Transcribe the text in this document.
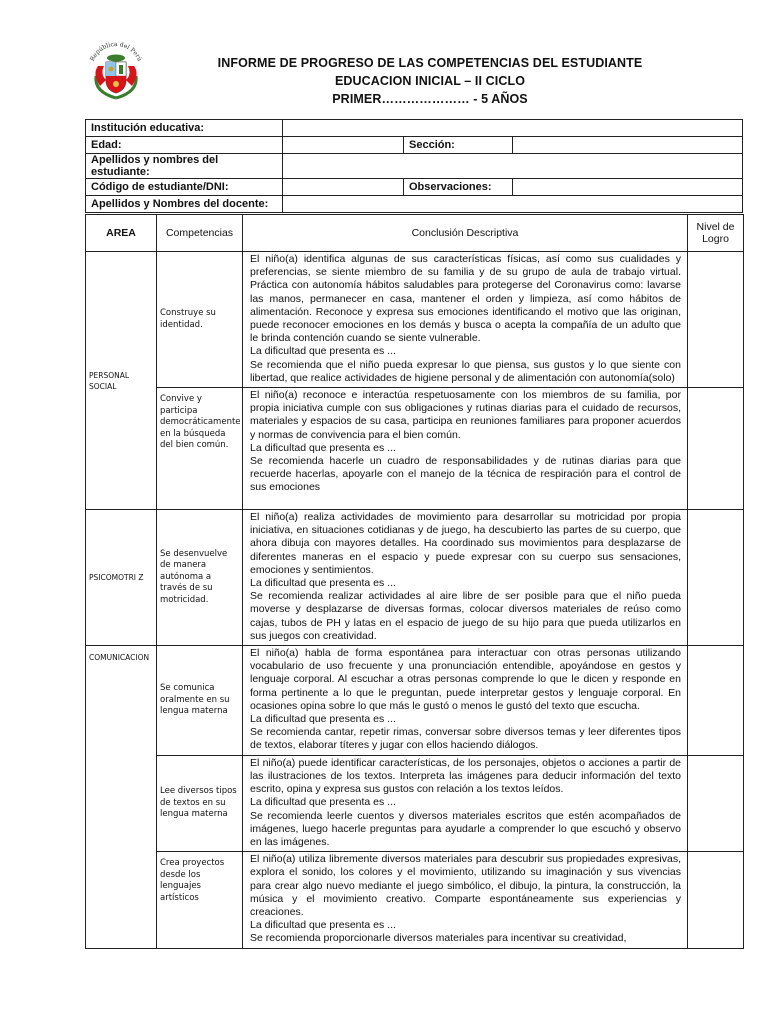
República del Perú	INFORME DE PROGRESO DE LAS COMPETENCIAS DEL ESTUDIANTE
EDUCACION INICIAL – II CICLO
PRIMER………………… - 5 AÑOS
Institución educativa:			
Edad:		Sección:	
Apellidos y nombres del estudiante:			
Código de estudiante/DNI:		Observaciones:	
Apellidos y Nombres del docente:			
AREA	Competencias	Conclusión Descriptiva	Nivel de Logro
PERSONAL SOCIAL	Construye su identidad.	El niño(a) identifica algunas de sus características físicas, así como sus cualidades y preferencias, se siente miembro de su familia y de su grupo de aula de trabajo virtual. Práctica con autonomía hábitos saludables para protegerse del Coronavirus como: lavarse las manos, permanecer en casa, mantener el orden y limpieza, así como hábitos de alimentación. Reconoce y expresa sus emociones identificando el motivo que las originan, puede reconocer emociones en los demás y busca o acepta la compañía de un adulto que le brinda contención cuando se siente vulnerable.

La dificultad que presenta es ...

Se recomienda que el niño pueda expresar lo que piensa, sus gustos y lo que siente con libertad, que realice actividades de higiene personal y de alimentación con autonomía(solo)	

	Convive y participa democráticamente en la búsqueda del bien común.	El niño(a) reconoce e interactúa respetuosamente con los miembros de su familia, por propia iniciativa cumple con sus obligaciones y rutinas diarias para el cuidado de recursos, materiales y espacios de su casa, participa en reuniones familiares para proponer acuerdos y normas de convivencia para el bien común.

La dificultad que presenta es ...

Se recomienda hacerle un cuadro de responsabilidades y de rutinas diarias para que recuerde hacerlas, apoyarle con el manejo de la técnica de respiración para el control de sus emociones	

PSICOMOTRI Z	Se desenvuelve de manera autónoma a través de su motricidad.	El niño(a) realiza actividades de movimiento para desarrollar su motricidad por propia iniciativa, en situaciones cotidianas y de juego, ha descubierto las partes de su cuerpo, que ahora dibuja con mayores detalles. Ha coordinado sus movimientos para desplazarse de diferentes maneras en el espacio y puede expresar con su cuerpo sus sensaciones, emociones y sentimientos.

La dificultad que presenta es ...

Se recomienda realizar actividades al aire libre de ser posible para que el niño pueda moverse y desplazarse de diversas formas, colocar diversos materiales de reúso como cajas, tubos de PH y latas en el espacio de juego de su hijo para que pueda utilizarlos en sus juegos con creatividad.	

COMUNICACION	Se comunica oralmente en su lengua materna	El niño(a) habla de forma espontánea para interactuar con otras personas utilizando vocabulario de uso frecuente y una pronunciación entendible, apoyándose en gestos y lenguaje corporal. Al escuchar a otras personas comprende lo que le dicen y responde en forma pertinente a lo que le preguntan, puede interpretar gestos y lenguaje corporal. En ocasiones opina sobre lo que más le gustó o menos le gustó del texto que escucha.

La dificultad que presenta es ...

Se recomienda cantar, repetir rimas, conversar sobre diversos temas y leer diferentes tipos de textos, elaborar títeres y jugar con ellos haciendo diálogos.	

	Lee diversos tipos de textos en su lengua materna	El niño(a) puede identificar características, de los personajes, objetos o acciones a partir de las ilustraciones de los textos. Interpreta las imágenes para deducir información del texto escrito, opina y expresa sus gustos con relación a los textos leídos.

La dificultad que presenta es ...

Se recomienda leerle cuentos y diversos materiales escritos que estén acompañados de imágenes, luego hacerle preguntas para ayudarle a comprender lo que escuchó y observo en las imágenes.	

	Crea proyectos desde los lenguajes artísticos	El niño(a) utiliza libremente diversos materiales para descubrir sus propiedades expresivas, explora el sonido, los colores y el movimiento, utilizando su imaginación y sus vivencias para crear algo nuevo mediante el juego simbólico, el dibujo, la pintura, la construcción, la música y el movimiento creativo. Comparte espontáneamente sus experiencias y creaciones.

La dificultad que presenta es ...

Se recomienda proporcionarle diversos materiales para incentivar su creatividad,	
